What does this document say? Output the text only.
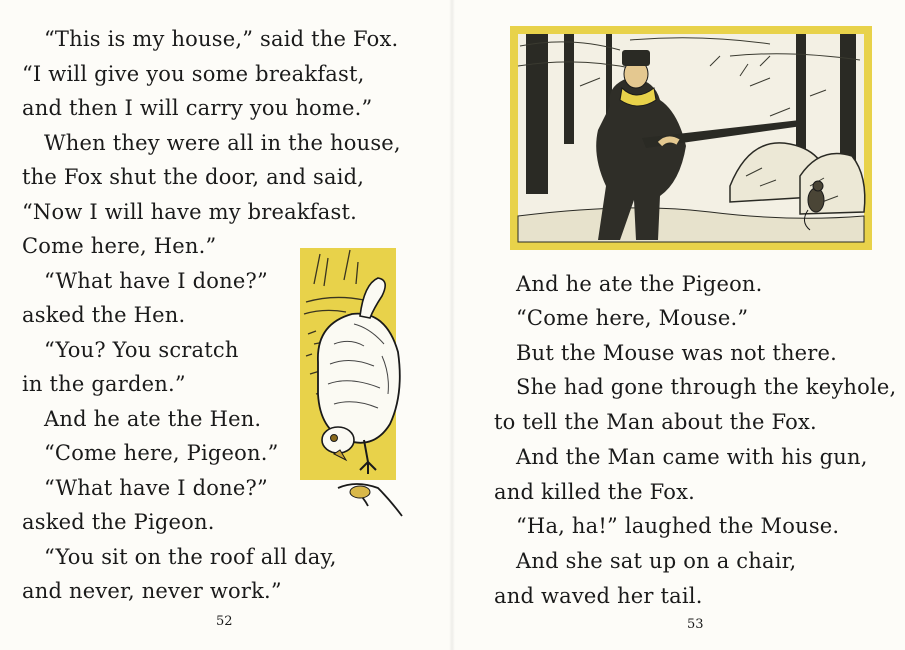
“This is my house,” said the Fox.
“I will give you some breakfast,
and then I will carry you home.”
When they were all in the house,
the Fox shut the door, and said,
“Now I will have my breakfast.
Come here, Hen.”
“What have I done?”
asked the Hen.
“You? You scratch
in the garden.”
And he ate the Hen.
“Come here, Pigeon.”
“What have I done?”
asked the Pigeon.
“You sit on the roof all day,
and never, never work.”
52
And he ate the Pigeon.
“Come here, Mouse.”
But the Mouse was not there.
She had gone through the keyhole,
to tell the Man about the Fox.
And the Man came with his gun,
and killed the Fox.
“Ha, ha!” laughed the Mouse.
And she sat up on a chair,
and waved her tail.
53
